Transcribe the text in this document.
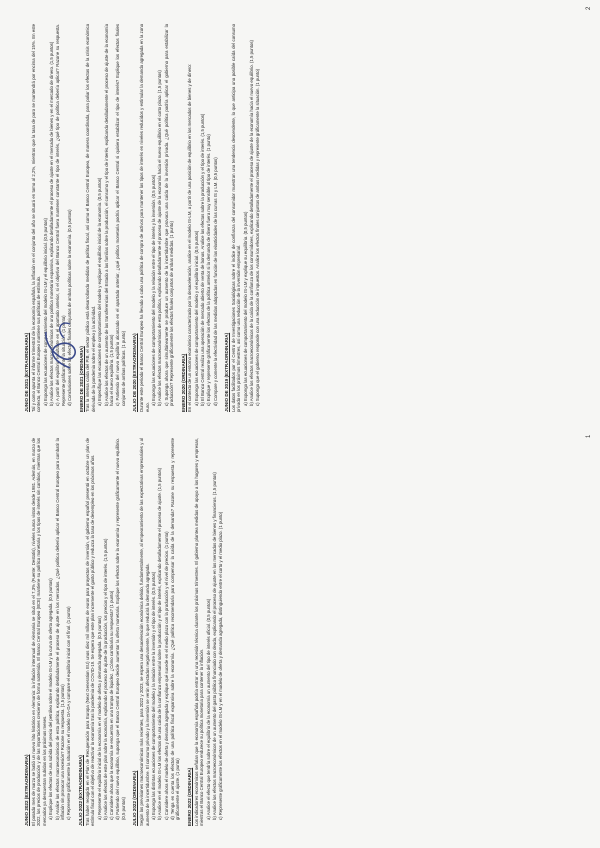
JUNIO 2022 (EXTRAORDINARIA) El pasado mes de marzo se batió un nuevo hito histórico en Alemania: la inflación interanual de Alemania se situó en el 7,3% (Fuente: Destatis), niveles nunca vistos desde 1981. Además, en marzo de 2022, los precios de producción y de las importaciones crecieron de forma sostenida. El Banco Central Europeo (BCE) mantiene su política monetaria y los tipos de interés sin cambios, mientras que los mercados ya descuentan subidas en los próximos meses. a) Explique los efectos de una subida del precio del petróleo sobre el modelo IS-LM y la curva de oferta agregada. (0,5 puntos) b) Analice los efectos macroeconómicos de esta política, explicando detalladamente el proceso de ajuste en los mercados. ¿Qué política debería aplicar el Banco Central Europeo para combatir la inflación sin provocar una recesión? Razone su respuesta. (1,5 puntos) c) Represente gráficamente la situación en el modelo OA-DA y compare el equilibrio inicial con el final. (1 punto) JULIO 2022 (EXTRAORDINARIA) Tras haber recogido en el Plan de Recuperación para Europa (Next Generation EU) unos diez mil millones de euros para proyectos de inversión, el gobierno español presentó en octubre un plan de estímulo fiscal con el objetivo de reactivar la economía tras la pandemia de COVID-19. Se espera que este plan incremente el gasto público y reduzca la tasa de desempleo en los próximos años. a) Represente el equilibrio inicial de la economía en el modelo de oferta y demanda agregada. (0,5 puntos) b) Analice los efectos de este plan sobre la economía, explicando el proceso de ajuste de la producción, los precios y el tipo de interés. (1,5 puntos) c) Considere ahora que la economía se encuentra en una trampa de liquidez. ¿Cómo cambiaría su respuesta? (1 punto) d) Partiendo del nuevo equilibrio, suponga que el Banco Central Europeo decide aumentar la oferta monetaria. Explique los efectos sobre la economía y represente gráficamente el nuevo equilibrio. (0,5 puntos) JULIO 2022 (ORDINARIA) Según las previsiones macroeconómicas más recientes, para 2022 y 2023, se espera una desaceleración económica debido, fundamentalmente, al empeoramiento de las expectativas empresariales y al aumento de la incertidumbre. El consumo privado y la inversión se verán afectados negativamente, lo que reducirá la demanda agregada. a) Exponga las distintas ecuaciones de comportamiento del modelo y la relación entre la inversión y el tipo de interés. (0,5 puntos) b) Analice en el modelo IS-LM los efectos de una caída de la confianza empresarial sobre la producción y el tipo de interés, explicando detalladamente el proceso de ajuste. (1,5 puntos) c) Considere ahora el modelo de oferta y demanda agregada y explique qué sucede en el medio plazo con la producción y el nivel de precios. (1 punto) d) Tenga en cuenta los efectos de una política fiscal expansiva sobre la economía. ¿Qué política recomendaría para compensar la caída de la demanda? Razone su respuesta y represente gráficamente el ajuste. (1 punto) ENERO 2022 (ORDINARIA) Los indicadores económicos señalan que la economía española podría entrar en una recesión técnica durante los próximos trimestres. El gobierno plantea medidas de apoyo a los hogares y empresas, mientras el Banco Central Europeo endurece su política monetaria para contener la inflación. a) Analice el efecto que tendría sobre el equilibrio de la economía un aumento del tipo de interés oficial. (0,5 puntos) b) Analice los efectos macroeconómicos de un aumento del gasto público financiado con deuda, explicando el proceso de ajuste en los mercados de bienes y financieros. (1,5 puntos) c) Represente gráficamente los efectos en el modelo IS-LM y en el modelo de oferta y demanda agregada, distinguiendo entre el corto y el medio plazo. (1 punto)
JUNIO DE 2021 (EXTRAORDINARIA) Tal y como apunta el informe trimestral de la economía española, la inflación en el conjunto del año se situará en torno al 2,2%, mientras que la tasa de paro se mantendrá por encima del 15%. En este contexto, el Banco Central Europeo mantiene sus políticas de estímulo. a) Exponga las ecuaciones de comportamiento del modelo IS-LM y el equilibrio inicial. (0,5 puntos) b) Analice los efectos macroeconómicos de una política monetaria expansiva, explicando detalladamente el proceso de ajuste en el mercado de bienes y en el mercado de dinero. (1,5 puntos) c) A partir del equilibrio resultante en el apartado anterior, si el objetivo del Banco Central fuera mantener constante el tipo de interés, ¿qué tipo de política debería aplicar? Razone su respuesta. Represente gráficamente la situación. (1 punto) d) Conclusiones sobre los efectos finales conjuntos de ambas políticas sobre la economía. (0,5 puntos) ENERO DE 2021 (ORDINARIA) Tras la intensa caída del PIB, el sector público está desarrollando medidas de política fiscal, así como el Banco Central Europeo, de manera coordinada, para paliar los efectos de la crisis económica derivada de la pandemia sobre el empleo y la actividad. a) Especifique las ecuaciones de comportamiento del modelo y explique el equilibrio inicial de la economía. (0,5 puntos) b) Analice los efectos de un aumento de las transferencias del Estado a las familias sobre la producción, el consumo y el tipo de interés, explicando detalladamente el proceso de ajuste de la economía hacia el nuevo equilibrio. (1,5 puntos) c) Partiendo del nuevo equilibrio alcanzado en el apartado anterior, ¿qué política monetaria podría aplicar el Banco Central si quisiera estabilizar el tipo de interés? Explique los efectos finales conjuntos de ambas políticas. (1 punto) JULIO DE 2020 (EXTRAORDINARIA) Durante este periodo el Banco Central Europeo ha llevado a cabo una política de compra de activos para mantener los tipos de interés en niveles reducidos y estimular la demanda agregada en la zona euro.
a) Exponga las ecuaciones de comportamiento del modelo y la relación entre el tipo de interés y la inversión. (0,5 puntos) b) Analice los efectos macroeconómicos de esta política, explicando detalladamente el proceso de ajuste de la economía hacia el nuevo equilibrio en el corto plazo. (1,5 puntos) c) Suponga ahora que simultáneamente se produce un aumento de la incertidumbre que provoca una caída de la inversión privada. ¿Qué política podría aplicar el gobierno para estabilizar la producción? Represente gráficamente los efectos finales conjuntos de ambas medidas. (1 punto) ENERO 2020 (ORDINARIA) En el contexto de un entorno económico caracterizado por la desaceleración, analice en el modelo IS-LM, a partir de una posición de equilibrio en los mercados de bienes y de dinero: a) Exponga las ecuaciones de comportamiento del modelo y el equilibrio inicial. (0,5 puntos) b) El Banco Central realiza una operación de mercado abierto de venta de bonos. Analice los efectos sobre la producción y el tipo de interés. (1,5 puntos) c) Explique y represente gráficamente los efectos de la política anterior si la demanda de dinero fuera muy sensible al tipo de interés. (1 punto) d) Compare y comente la efectividad de las medidas adoptadas en función de las elasticidades de las curvas IS y LM. (0,5 puntos) JUNIO DE 2019 (EXTRAORDINARIA) Los datos facilitados por el Centro de Investigaciones Sociológicas sobre el índice de confianza del consumidor muestran una tendencia descendente, lo que anticipa una posible caída del consumo privado en los próximos trimestres, así como una reducción de la inversión empresarial. a) Exponga las ecuaciones de comportamiento del modelo IS-LM y explique su equilibrio. (0,5 puntos) b) Analice los efectos macroeconómicos de la caída de la confianza de los consumidores, explicando detalladamente el proceso de ajuste de la economía hacia el nuevo equilibrio. (1,5 puntos) c) Suponga que el gobierno responde con una reducción de impuestos. Analice los efectos finales conjuntos de ambas medidas y represente gráficamente la situación. (1 punto)
1
2
